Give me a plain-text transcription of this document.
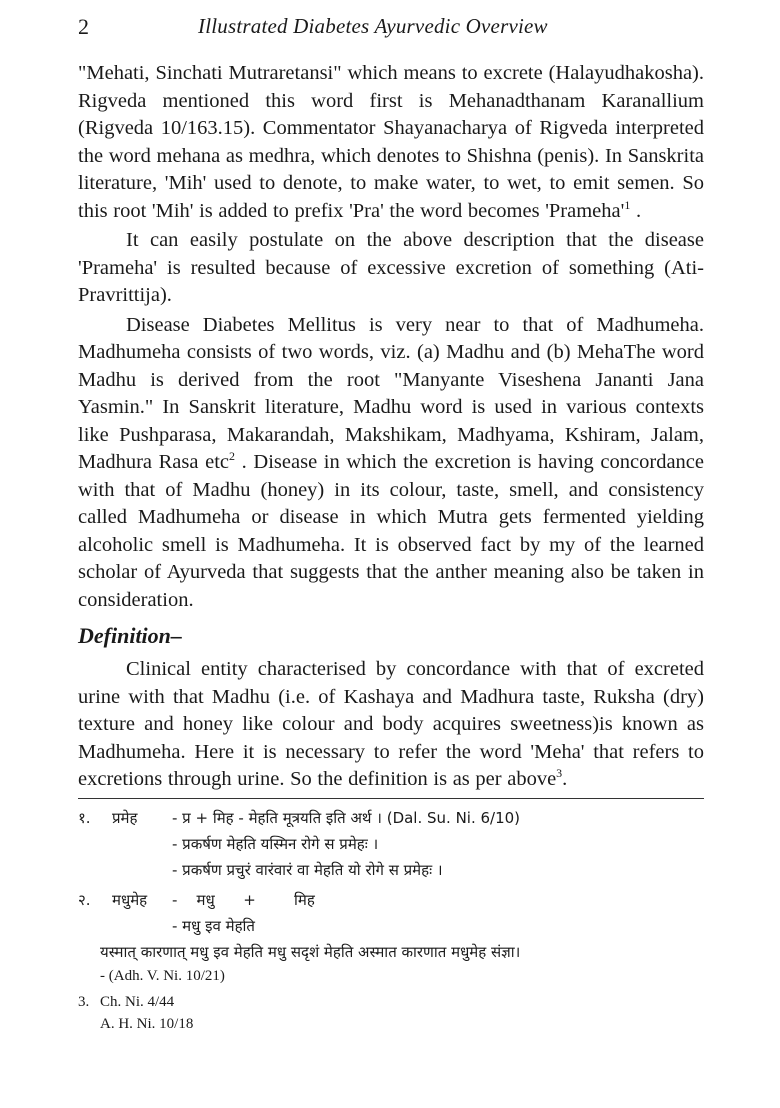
2	Illustrated Diabetes Ayurvedic Overview

"Mehati, Sinchati Mutraretansi" which means to excrete (Halayudhakosha). Rigveda mentioned this word first is Mehanadthanam Karanallium (Rigveda 10/163.15). Commentator Shayanacharya of Rigveda interpreted the word mehana as medhra, which denotes to Shishna (penis). In Sanskrita literature, 'Mih' used to denote, to make water, to wet, to emit semen. So this root 'Mih' is added to prefix 'Pra' the word becomes '$Prameha'^1$ .

It can easily postulate on the above description that the disease 'Prameha' is resulted because of excessive excretion of something (Ati-Pravrittija).

Disease Diabetes Mellitus is very near to that of Madhumeha. Madhumeha consists of two words, viz. (a) Madhu and (b) MehaThe word Madhu is derived from the root "Manyante Viseshena Jananti Jana Yasmin." In Sanskrit literature, Madhu word is used in various contexts like Pushparasa, Makarandah, Makshikam, Madhyama, Kshiram, Jalam, Madhura Rasa etc$^2$ . Disease in which the excretion is having concordance with that of Madhu (honey) in its colour, taste, smell, and consistency called Madhumeha or disease in which Mutra gets fermented yielding alcoholic smell is Madhumeha. It is observed fact by my of the learned scholar of Ayurveda that suggests that the anther meaning also be taken in consideration.

Definition–

Clinical entity characterised by concordance with that of excreted urine with that Madhu (i.e. of Kashaya and Madhura taste, Ruksha (dry) texture and honey like colour and body acquires sweetness)is known as Madhumeha. Here it is necessary to refer the word 'Meha' that refers to excretions through urine. So the definition is as per above$^3$.

१.	प्रमेह	- प्र + मिह - मेहति मूत्रयति इति अर्थ । (Dal. Su. Ni. 6/10)
- प्रकर्षण मेहति यस्मिन रोगे स प्रमेहः ।
- प्रकर्षण प्रचुरं वारंवारं वा मेहति यो रोगे स प्रमेहः ।
२.	मधुमेह	-    मधु      +        मिह
- मधु इव मेहति
यस्मात् कारणात् मधु इव मेहति मधु सदृशं मेहति अस्मात कारणात मधुमेह संज्ञा।
- (Adh. V. Ni. 10/21)
3. Ch. Ni. 4/44
A. H. Ni. 10/18
